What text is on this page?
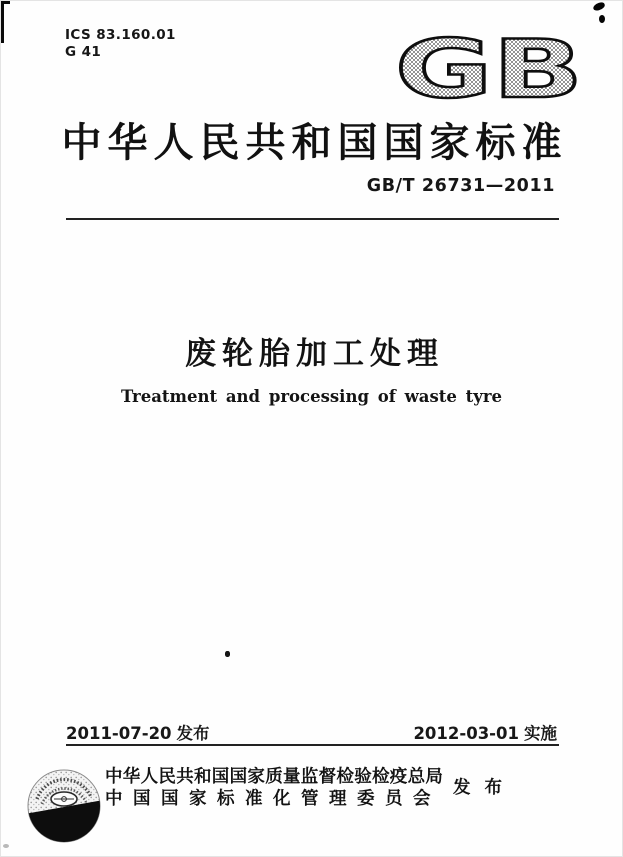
ICS 83.160.01
G 41	GB
中华人民共和国国家标准
GB/T 26731—2011
废轮胎加工处理
Treatment and processing of waste tyre
2011-07-20 发布	2012-03-01 实施
中华人民共和国国家质量监督检验检疫总局
中国国家标准化管理委员会
发布
